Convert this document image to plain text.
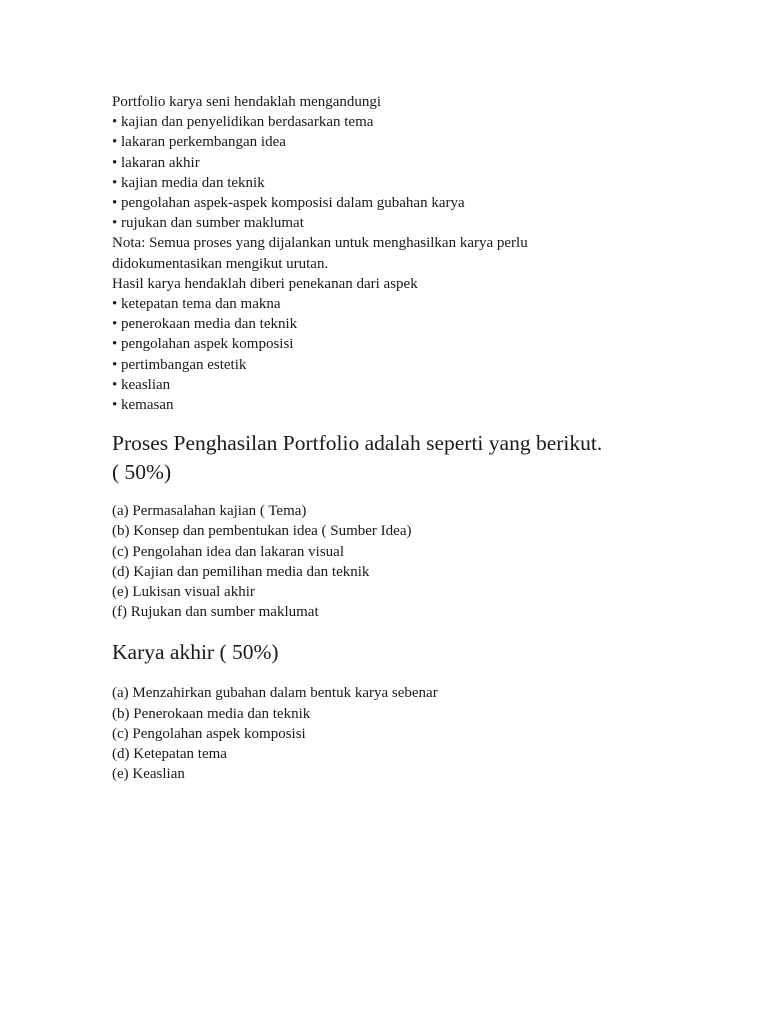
Portfolio karya seni hendaklah mengandungi
• kajian dan penyelidikan berdasarkan tema
• lakaran perkembangan idea
• lakaran akhir
• kajian media dan teknik
• pengolahan aspek-aspek komposisi dalam gubahan karya
• rujukan dan sumber maklumat
Nota: Semua proses yang dijalankan untuk menghasilkan karya perlu
didokumentasikan mengikut urutan.
Hasil karya hendaklah diberi penekanan dari aspek
• ketepatan tema dan makna
• penerokaan media dan teknik
• pengolahan aspek komposisi
• pertimbangan estetik
• keaslian
• kemasan
Proses Penghasilan Portfolio adalah seperti yang berikut.
( 50%)
(a) Permasalahan kajian ( Tema)
(b) Konsep dan pembentukan idea ( Sumber Idea)
(c) Pengolahan idea dan lakaran visual
(d) Kajian dan pemilihan media dan teknik
(e) Lukisan visual akhir
(f) Rujukan dan sumber maklumat
Karya akhir ( 50%)
(a) Menzahirkan gubahan dalam bentuk karya sebenar
(b) Penerokaan media dan teknik
(c) Pengolahan aspek komposisi
(d) Ketepatan tema
(e) Keaslian
